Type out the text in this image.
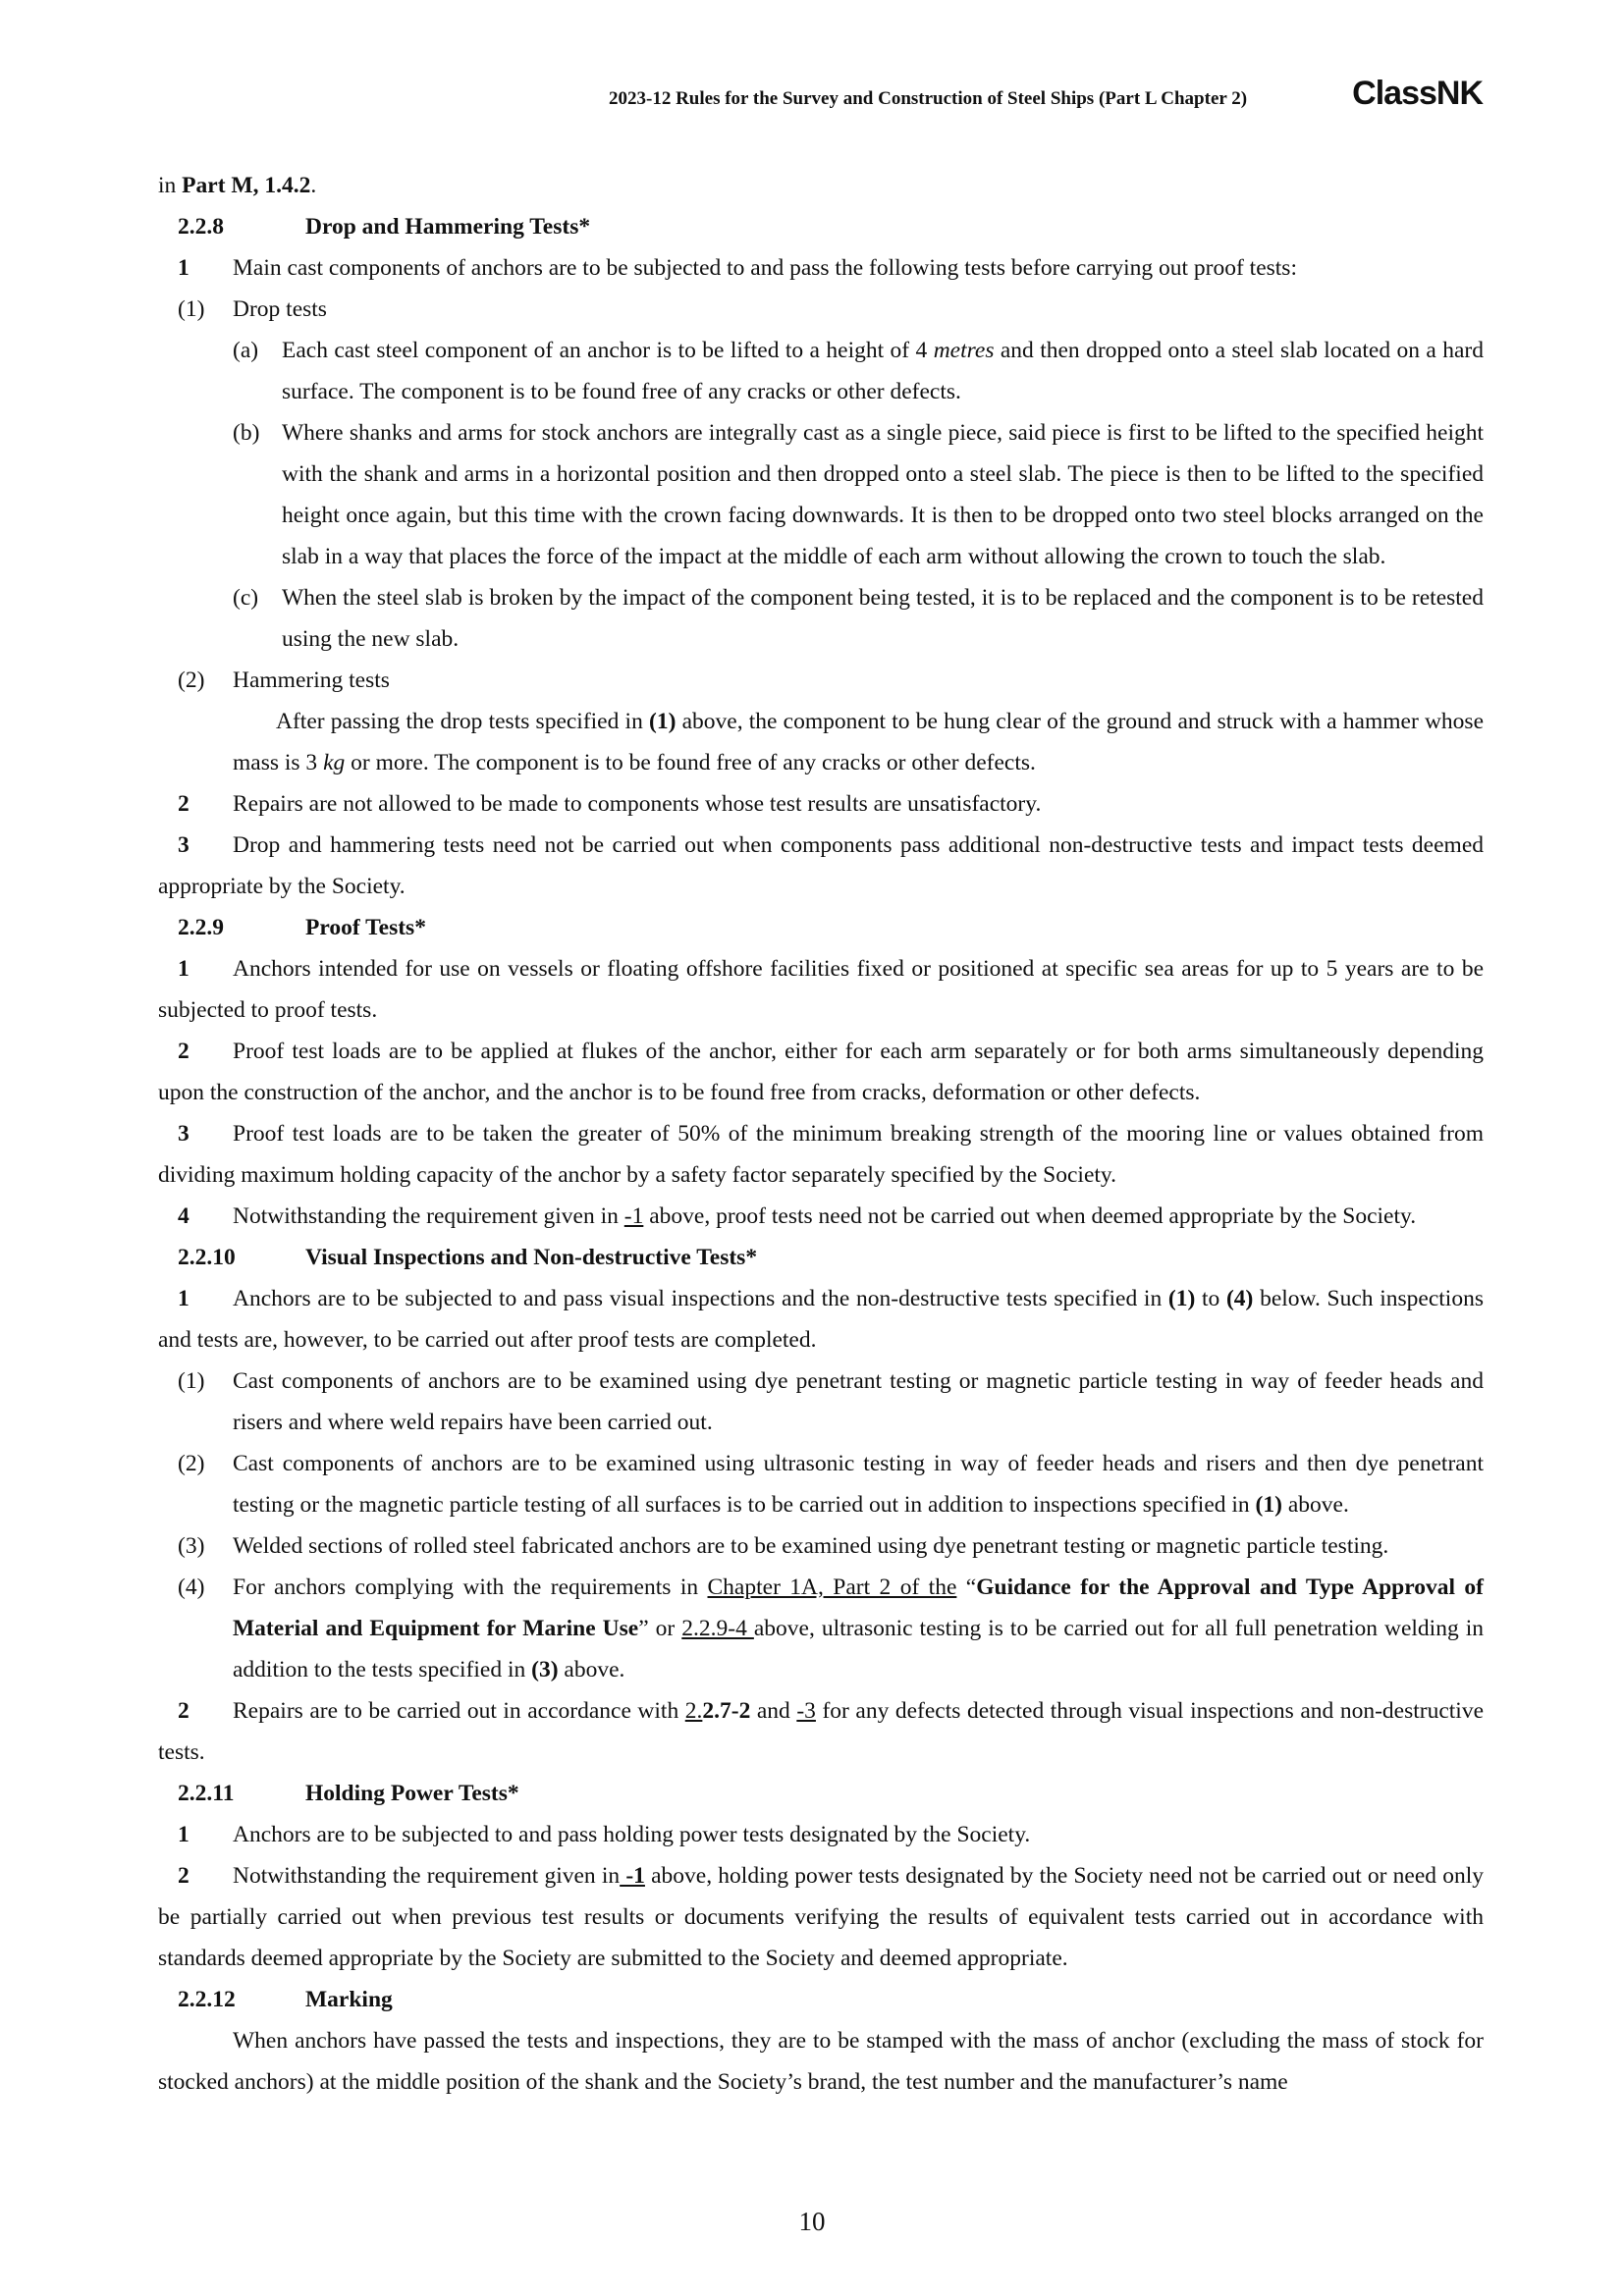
2023-12 Rules for the Survey and Construction of Steel Ships (Part L Chapter 2)	ClassNK

in Part M, 1.4.2.

2.2.8	Drop and Hammering Tests*

1 Main cast components of anchors are to be subjected to and pass the following tests before carrying out proof tests:

(1) Drop tests

(a) Each cast steel component of an anchor is to be lifted to a height of 4 metres and then dropped onto a steel slab located on a hard surface. The component is to be found free of any cracks or other defects.

(b) Where shanks and arms for stock anchors are integrally cast as a single piece, said piece is first to be lifted to the specified height with the shank and arms in a horizontal position and then dropped onto a steel slab. The piece is then to be lifted to the specified height once again, but this time with the crown facing downwards. It is then to be dropped onto two steel blocks arranged on the slab in a way that places the force of the impact at the middle of each arm without allowing the crown to touch the slab.

(c) When the steel slab is broken by the impact of the component being tested, it is to be replaced and the component is to be retested using the new slab.

(2) Hammering tests

After passing the drop tests specified in (1) above, the component to be hung clear of the ground and struck with a hammer whose mass is 3 kg or more. The component is to be found free of any cracks or other defects.

2 Repairs are not allowed to be made to components whose test results are unsatisfactory.

3 Drop and hammering tests need not be carried out when components pass additional non-destructive tests and impact tests deemed appropriate by the Society.

2.2.9	Proof Tests*

1 Anchors intended for use on vessels or floating offshore facilities fixed or positioned at specific sea areas for up to 5 years are to be subjected to proof tests.

2 Proof test loads are to be applied at flukes of the anchor, either for each arm separately or for both arms simultaneously depending upon the construction of the anchor, and the anchor is to be found free from cracks, deformation or other defects.

3 Proof test loads are to be taken the greater of 50% of the minimum breaking strength of the mooring line or values obtained from dividing maximum holding capacity of the anchor by a safety factor separately specified by the Society.

4 Notwithstanding the requirement given in -1 above, proof tests need not be carried out when deemed appropriate by the Society.

2.2.10	Visual Inspections and Non-destructive Tests*

1 Anchors are to be subjected to and pass visual inspections and the non-destructive tests specified in (1) to (4) below. Such inspections and tests are, however, to be carried out after proof tests are completed.

(1) Cast components of anchors are to be examined using dye penetrant testing or magnetic particle testing in way of feeder heads and risers and where weld repairs have been carried out.

(2) Cast components of anchors are to be examined using ultrasonic testing in way of feeder heads and risers and then dye penetrant testing or the magnetic particle testing of all surfaces is to be carried out in addition to inspections specified in (1) above.

(3) Welded sections of rolled steel fabricated anchors are to be examined using dye penetrant testing or magnetic particle testing.

(4) For anchors complying with the requirements in Chapter 1A, Part 2 of the “Guidance for the Approval and Type Approval of Material and Equipment for Marine Use” or 2.2.9-4 above, ultrasonic testing is to be carried out for all full penetration welding in addition to the tests specified in (3) above.

2 Repairs are to be carried out in accordance with 2.2.7-2 and -3 for any defects detected through visual inspections and non-destructive tests.

2.2.11	Holding Power Tests*

1 Anchors are to be subjected to and pass holding power tests designated by the Society.

2 Notwithstanding the requirement given in -1 above, holding power tests designated by the Society need not be carried out or need only be partially carried out when previous test results or documents verifying the results of equivalent tests carried out in accordance with standards deemed appropriate by the Society are submitted to the Society and deemed appropriate.

2.2.12	Marking

When anchors have passed the tests and inspections, they are to be stamped with the mass of anchor (excluding the mass of stock for stocked anchors) at the middle position of the shank and the Society’s brand, the test number and the manufacturer’s name

10
